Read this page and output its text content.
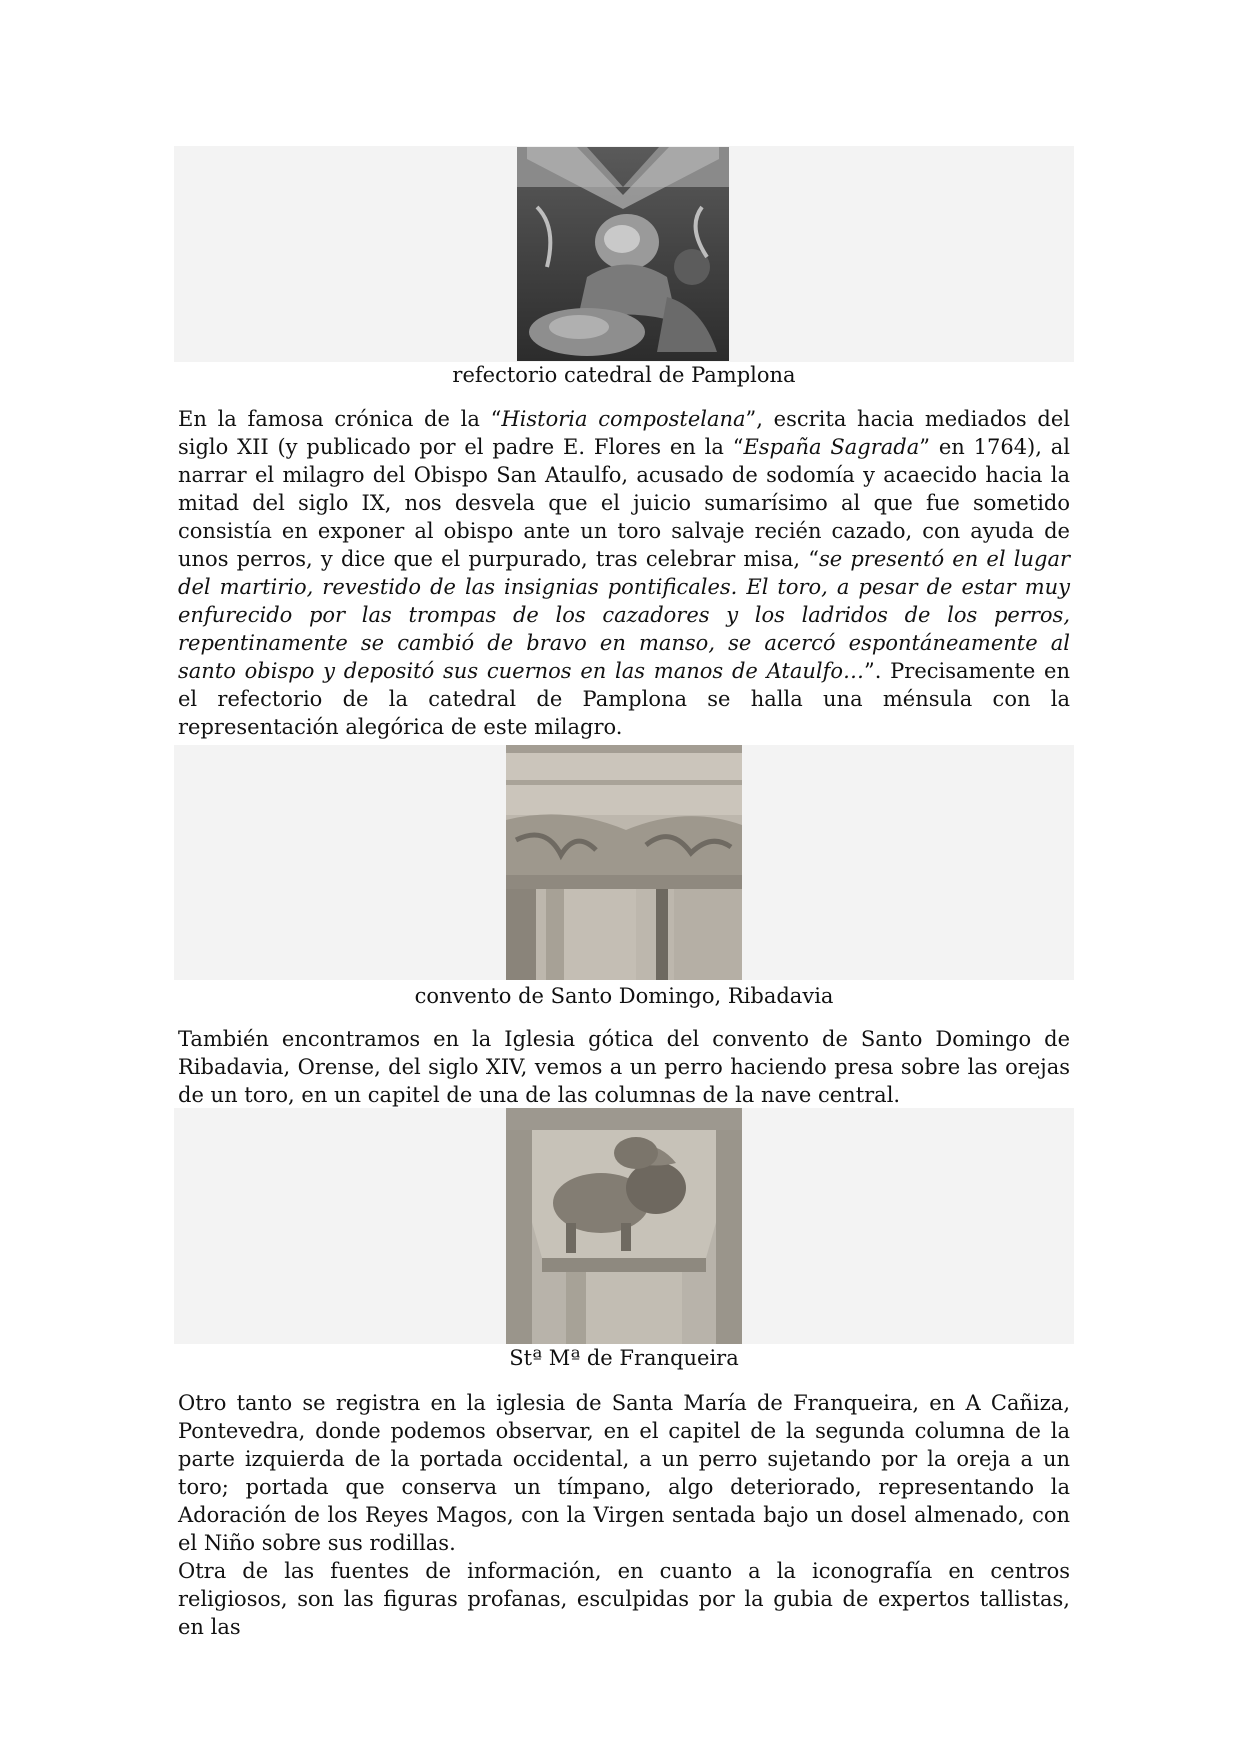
refectorio catedral de Pamplona

En la famosa crónica de la “Historia compostelana”, escrita hacia mediados del siglo XII (y publicado por el padre E. Flores en la “España Sagrada” en 1764), al narrar el milagro del Obispo San Ataulfo, acusado de sodomía y acaecido hacia la mitad del siglo IX, nos desvela que el juicio sumarísimo al que fue sometido consistía en exponer al obispo ante un toro salvaje recién cazado, con ayuda de unos perros, y dice que el purpurado, tras celebrar misa, “se presentó en el lugar del martirio, revestido de las insignias pontificales. El toro, a pesar de estar muy enfurecido por las trompas de los cazadores y los ladridos de los perros, repentinamente se cambió de bravo en manso, se acercó espontáneamente al santo obispo y depositó sus cuernos en las manos de Ataulfo…”. Precisamente en el refectorio de la catedral de Pamplona se halla una ménsula con la representación alegórica de este milagro.

convento de Santo Domingo, Ribadavia

También encontramos en la Iglesia gótica del convento de Santo Domingo de Ribadavia, Orense, del siglo XIV, vemos a un perro haciendo presa sobre las orejas de un toro, en un capitel de una de las columnas de la nave central.

Stª Mª de Franqueira

Otro tanto se registra en la iglesia de Santa María de Franqueira, en A Cañiza, Pontevedra, donde podemos observar, en el capitel de la segunda columna de la parte izquierda de la portada occidental, a un perro sujetando por la oreja a un toro; portada que conserva un tímpano, algo deteriorado, representando la Adoración de los Reyes Magos, con la Virgen sentada bajo un dosel almenado, con el Niño sobre sus rodillas.

Otra de las fuentes de información, en cuanto a la iconografía en centros religiosos, son las figuras profanas, esculpidas por la gubia de expertos tallistas, en las
